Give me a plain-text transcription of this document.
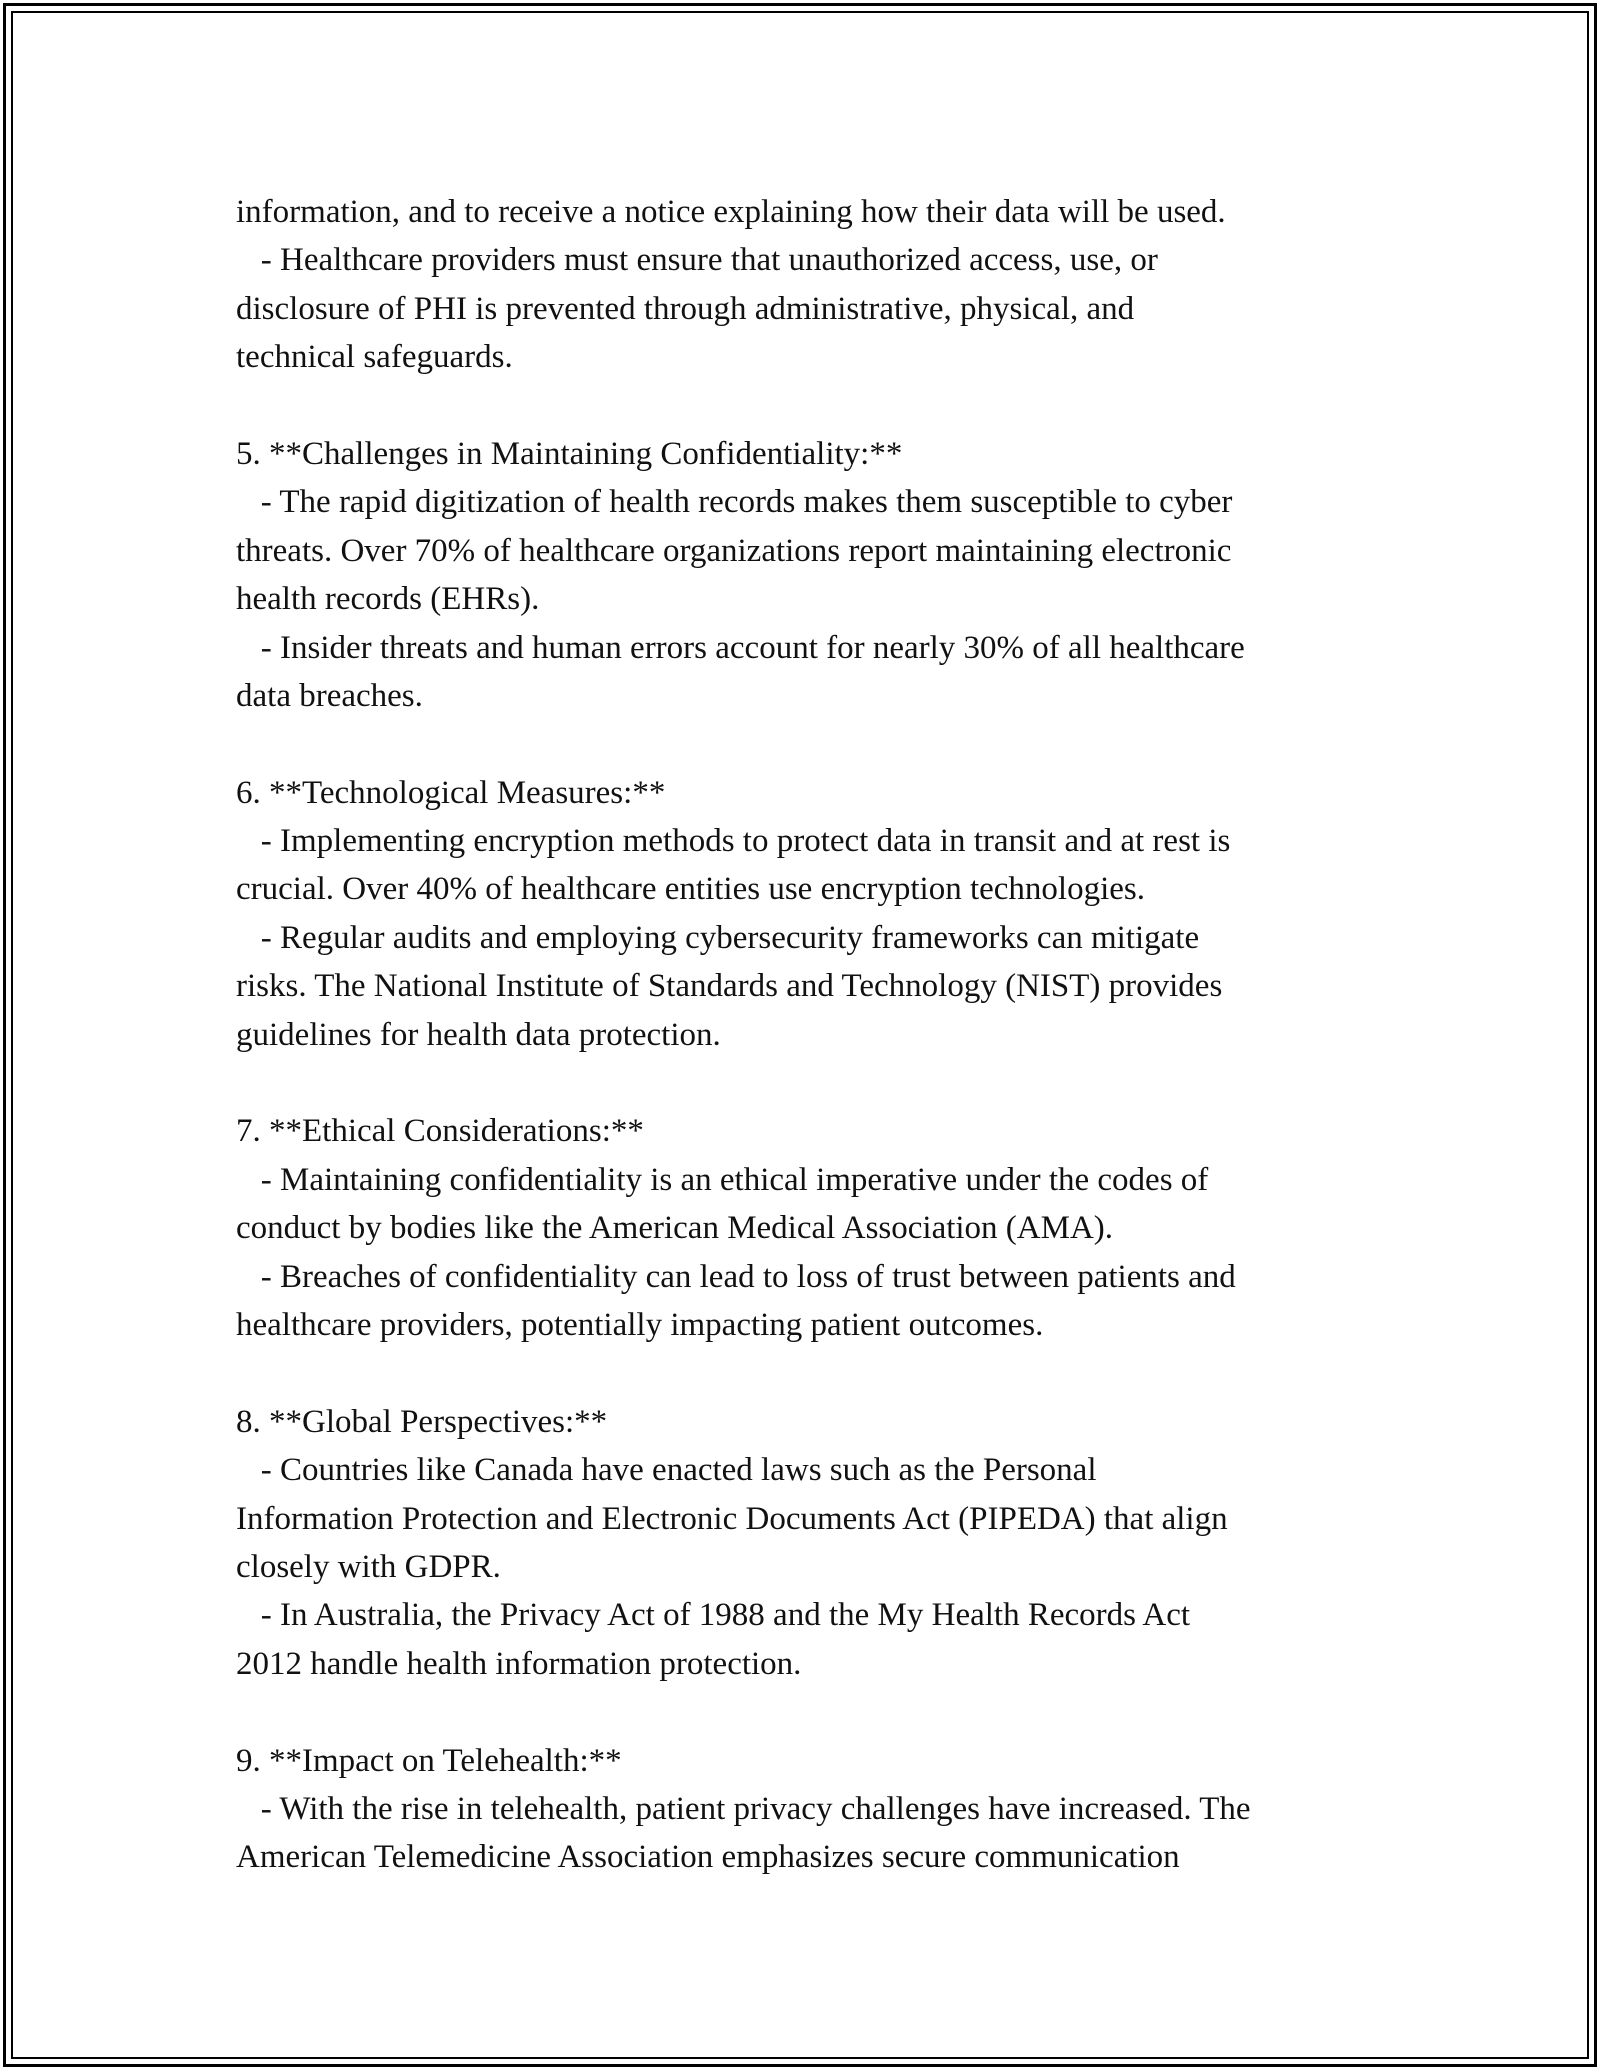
information, and to receive a notice explaining how their data will be used.
- Healthcare providers must ensure that unauthorized access, use, or
disclosure of PHI is prevented through administrative, physical, and
technical safeguards.
5. **Challenges in Maintaining Confidentiality:**
- The rapid digitization of health records makes them susceptible to cyber
threats. Over 70% of healthcare organizations report maintaining electronic
health records (EHRs).
- Insider threats and human errors account for nearly 30% of all healthcare
data breaches.
6. **Technological Measures:**
- Implementing encryption methods to protect data in transit and at rest is
crucial. Over 40% of healthcare entities use encryption technologies.
- Regular audits and employing cybersecurity frameworks can mitigate
risks. The National Institute of Standards and Technology (NIST) provides
guidelines for health data protection.
7. **Ethical Considerations:**
- Maintaining confidentiality is an ethical imperative under the codes of
conduct by bodies like the American Medical Association (AMA).
- Breaches of confidentiality can lead to loss of trust between patients and
healthcare providers, potentially impacting patient outcomes.
8. **Global Perspectives:**
- Countries like Canada have enacted laws such as the Personal
Information Protection and Electronic Documents Act (PIPEDA) that align
closely with GDPR.
- In Australia, the Privacy Act of 1988 and the My Health Records Act
2012 handle health information protection.
9. **Impact on Telehealth:**
- With the rise in telehealth, patient privacy challenges have increased. The
American Telemedicine Association emphasizes secure communication
